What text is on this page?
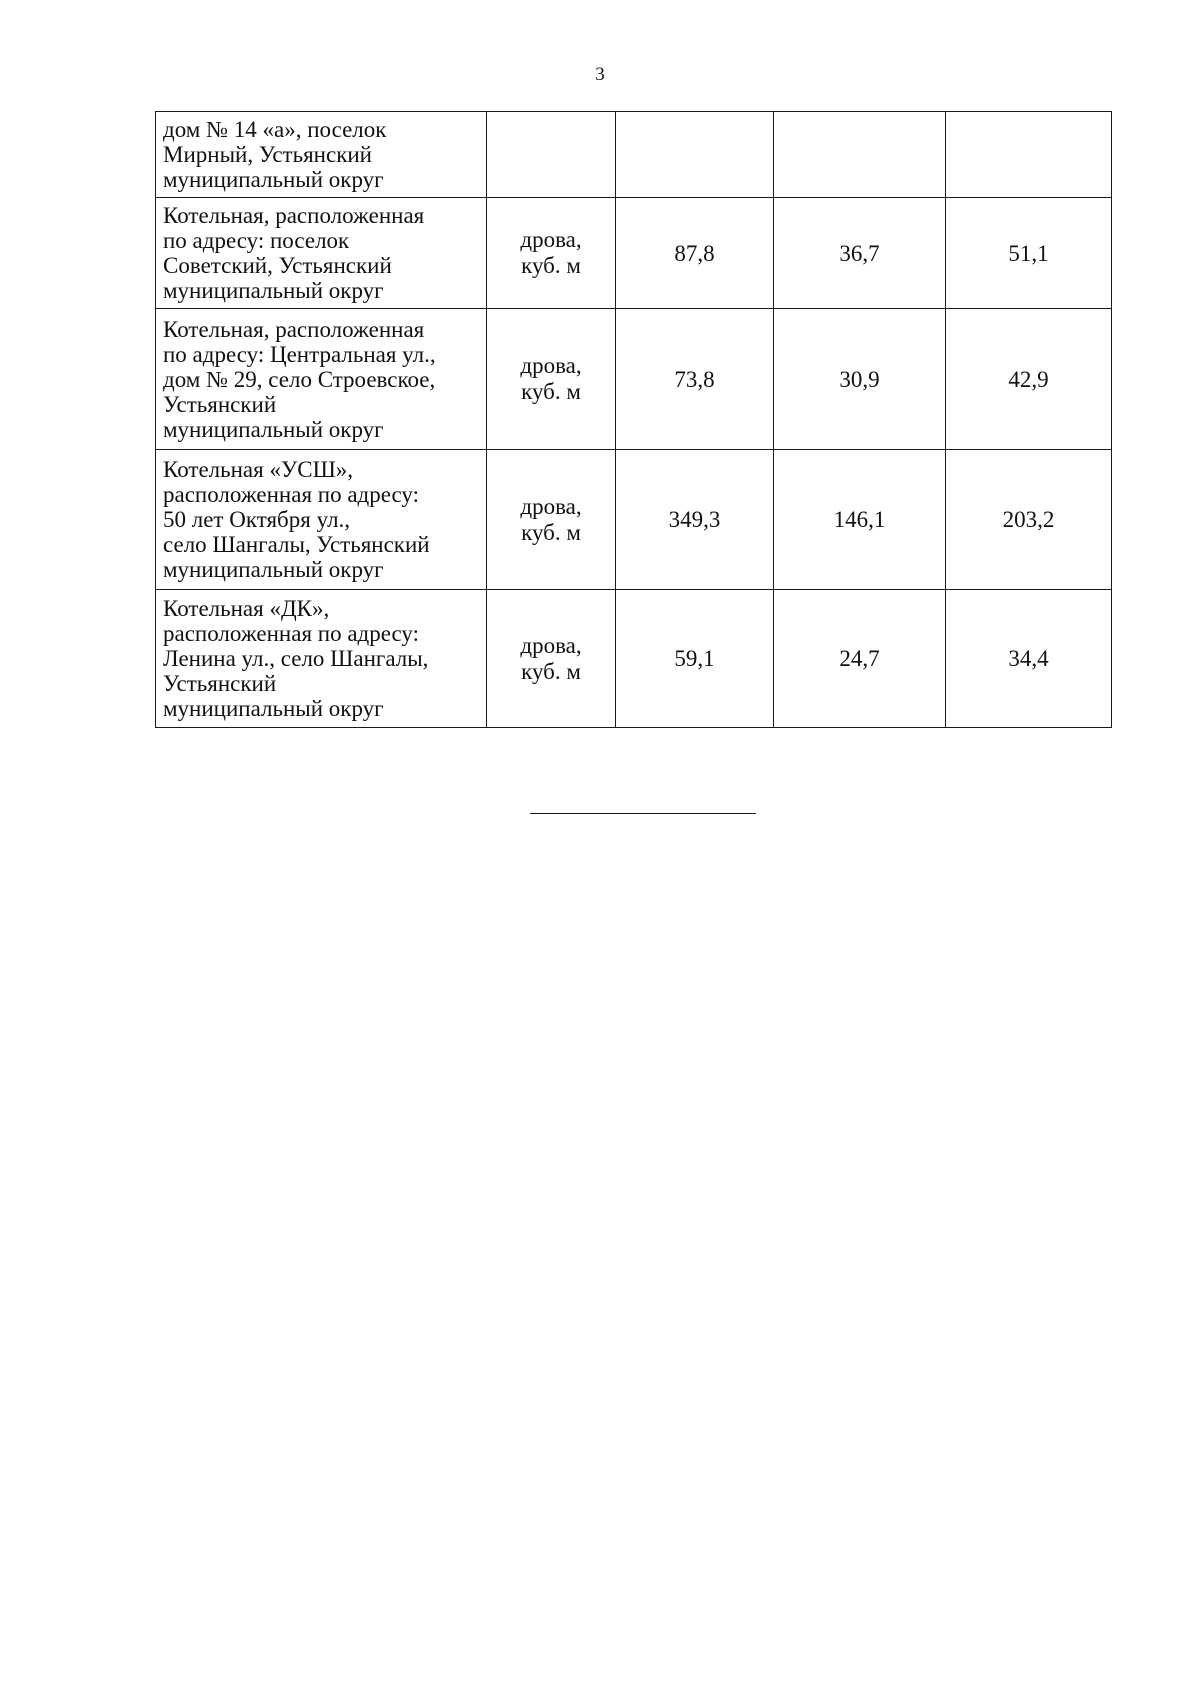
3
дом № 14 «а», поселок
Мирный, Устьянский
муниципальный округ				

Котельная, расположенная
по адресу: поселок
Советский, Устьянский
муниципальный округ	дрова,
куб. м	87,8	36,7	51,1

Котельная, расположенная
по адресу: Центральная ул.,
дом № 29, село Строевское,
Устьянский
муниципальный округ	дрова,
куб. м	73,8	30,9	42,9

Котельная «УСШ»,
расположенная по адресу:
50 лет Октября ул.,
село Шангалы, Устьянский
муниципальный округ	дрова,
куб. м	349,3	146,1	203,2

Котельная «ДК»,
расположенная по адресу:
Ленина ул., село Шангалы,
Устьянский
муниципальный округ	дрова,
куб. м	59,1	24,7	34,4
